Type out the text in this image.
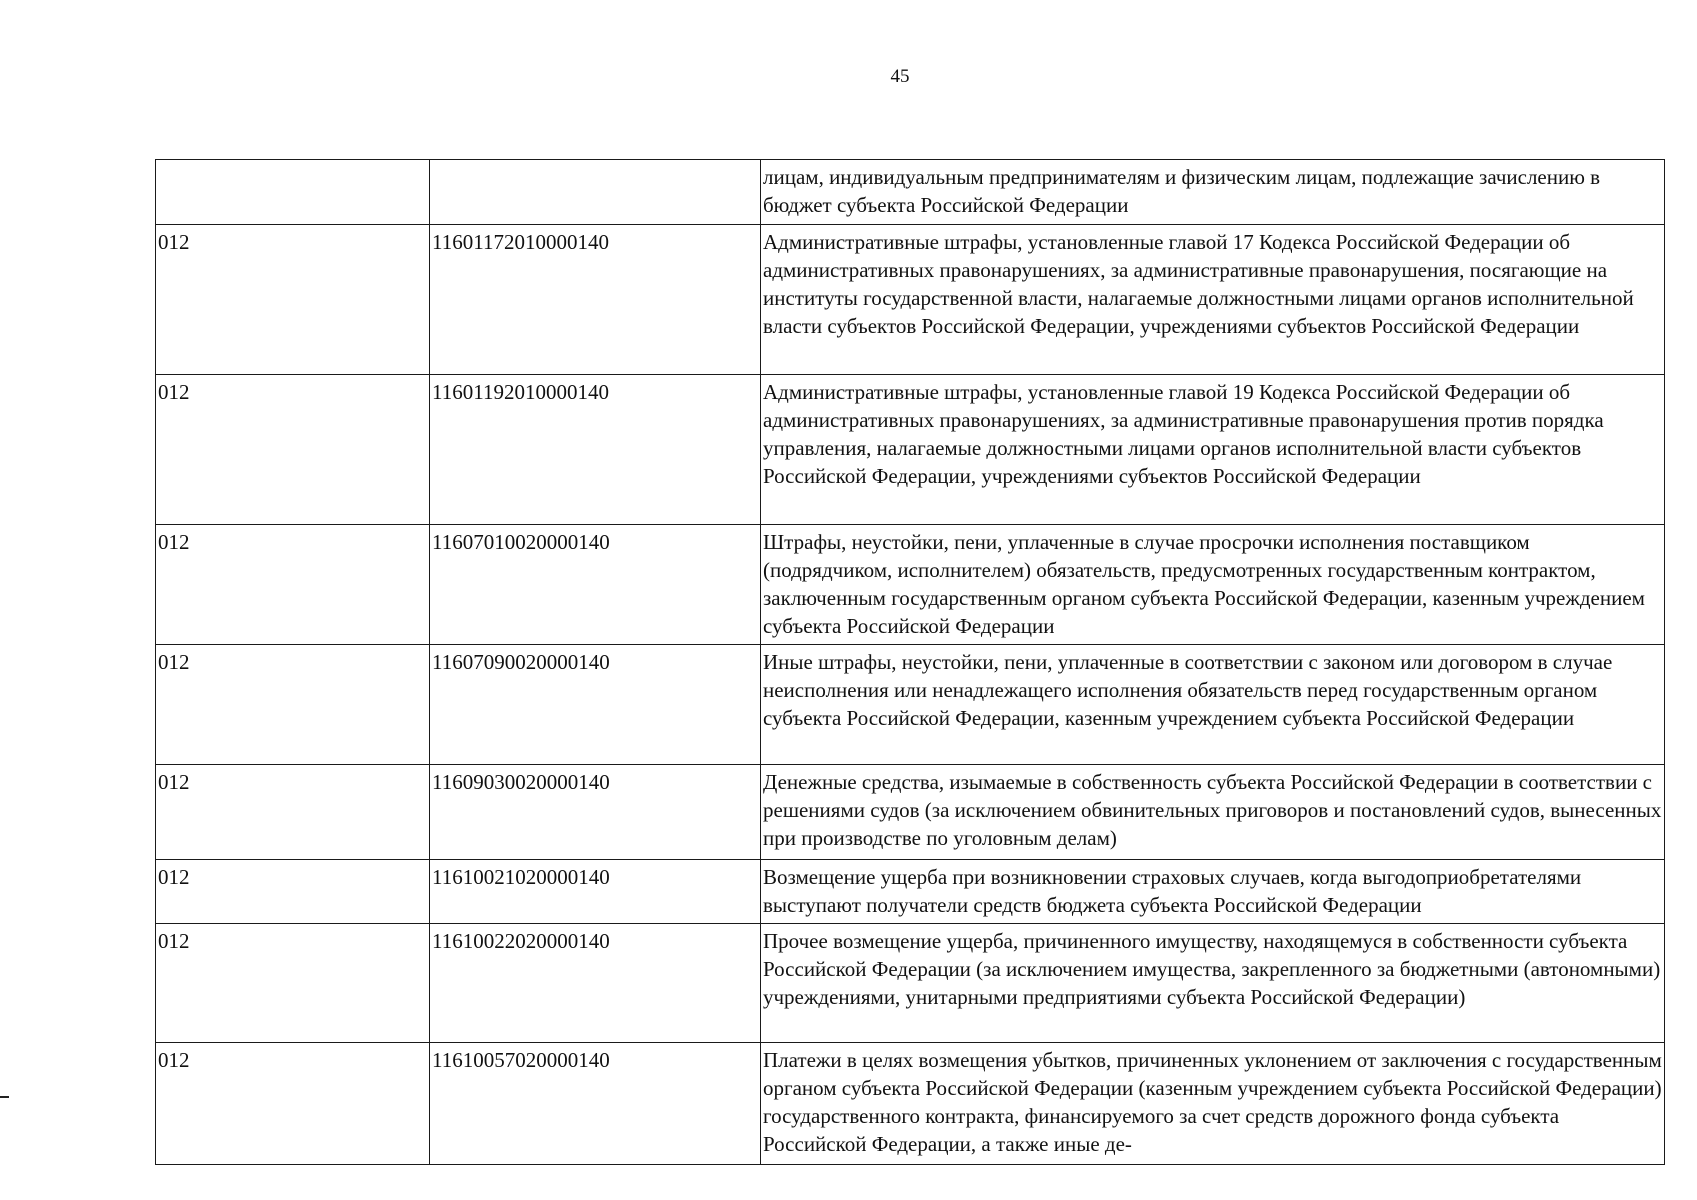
45
		лицам, индивидуальным предпринимателям и физическим лицам, подлежащие зачислению в бюджет субъекта Российской Федерации
012	11601172010000140	Административные штрафы, установленные главой 17 Кодекса Российской Федерации об административных правонарушениях, за административные правонарушения, посягающие на институты государственной власти, налагаемые должностными лицами органов исполнительной власти субъектов Российской Федерации, учреждениями субъектов Российской Федерации
012	11601192010000140	Административные штрафы, установленные главой 19 Кодекса Российской Федерации об административных правонарушениях, за административные правонарушения против порядка управления, налагаемые должностными лицами органов исполнительной власти субъектов Российской Федерации, учреждениями субъектов Российской Федерации
012	11607010020000140	Штрафы, неустойки, пени, уплаченные в случае просрочки исполнения поставщиком (подрядчиком, исполнителем) обязательств, предусмотренных государственным контрактом, заключенным государственным органом субъекта Российской Федерации, казенным учреждением субъекта Российской Федерации
012	11607090020000140	Иные штрафы, неустойки, пени, уплаченные в соответствии с законом или договором в случае неисполнения или ненадлежащего исполнения обязательств перед государственным органом субъекта Российской Федерации, казенным учреждением субъекта Российской Федерации
012	11609030020000140	Денежные средства, изымаемые в собственность субъекта Российской Федерации в соответствии с решениями судов (за исключением обвинительных приговоров и постановлений судов, вынесенных при производстве по уголовным делам)
012	11610021020000140	Возмещение ущерба при возникновении страховых случаев, когда выгодоприобретателями выступают получатели средств бюджета субъекта Российской Федерации
012	11610022020000140	Прочее возмещение ущерба, причиненного имуществу, находящемуся в собственности субъекта Российской Федерации (за исключением имущества, закрепленного за бюджетными (автономными) учреждениями, унитарными предприятиями субъекта Российской Федерации)
012	11610057020000140	Платежи в целях возмещения убытков, причиненных уклонением от заключения с государственным органом субъекта Российской Федерации (казенным учреждением субъекта Российской Федерации) государственного контракта, финансируемого за счет средств дорожного фонда субъекта Российской Федерации, а также иные де-
